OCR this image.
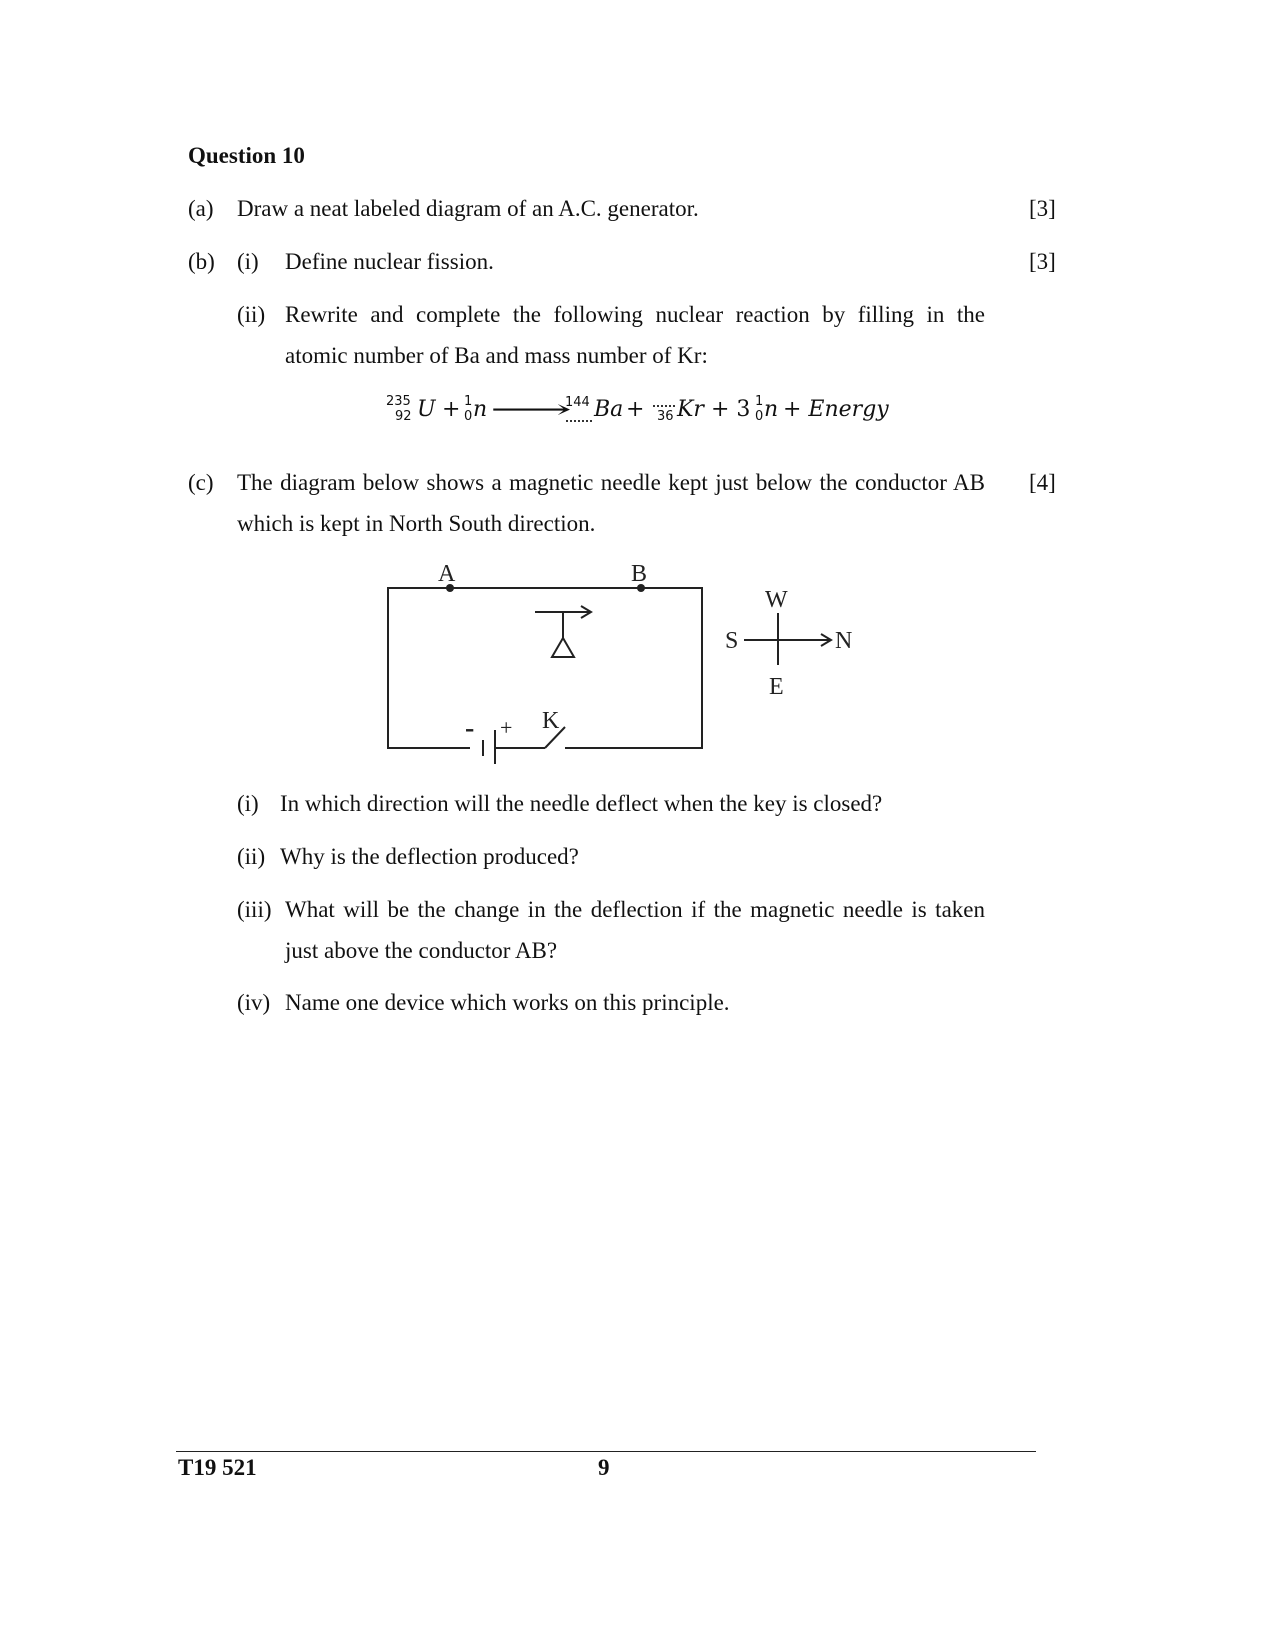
Question 10
(a) Draw a neat labeled diagram of an A.C. generator.	[3]
(b) (i) Define nuclear fission.	[3]
(ii) Rewrite and complete the following nuclear reaction by filling in the
atomic number of Ba and mass number of Kr:
235
92 U + 1
0 n ⟶
144 Ba + 36 Kr + 3 1
0 n + Energy
(c) The diagram below shows a magnetic needle kept just below the conductor AB [4]
which is kept in North South direction.
A	B
- + K
W
S	N
E
(i) In which direction will the needle deflect when the key is closed?
(ii) Why is the deflection produced?
(iii) What will be the change in the deflection if the magnetic needle is taken
just above the conductor AB?
(iv) Name one device which works on this principle.
T19 521	9
